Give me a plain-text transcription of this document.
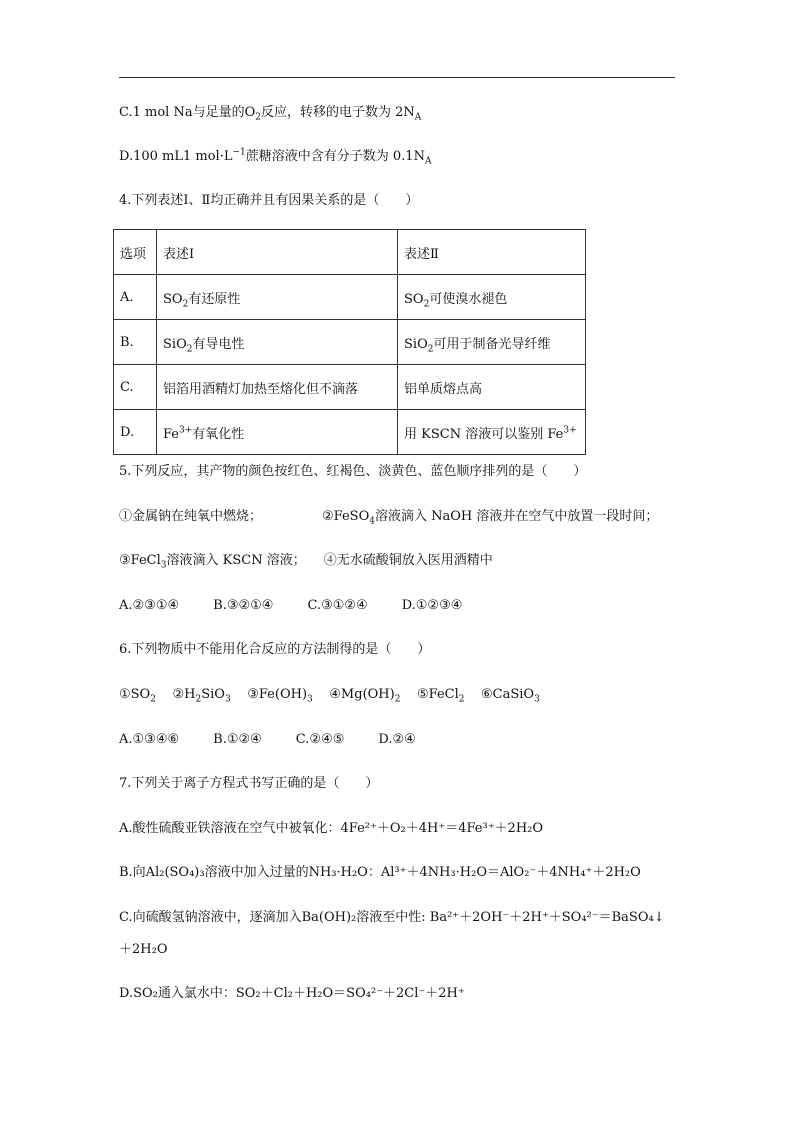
C.1 mol Na与足量的$O_2$反应，转移的电子数为 $2N_A$
D.100 mL1 $mol\cdot L^{-1}$蔗糖溶液中含有分子数为 $0.1N_A$
4.下列表述Ⅰ、Ⅱ均正确并且有因果关系的是（　　）
选项	表述Ⅰ	表述Ⅱ
A.	$SO_2$有还原性	$SO_2$可使溴水褪色
B.	SiO$_2$有导电性	SiO$_2$可用于制备光导纤维
C.	铝箔用酒精灯加热至熔化但不滴落	铝单质熔点高
D.	$Fe^{3+}$有氧化性	用 KSCN 溶液可以鉴别 $Fe^{3+}$
5.下列反应，其产物的颜色按红色、红褐色、淡黄色、蓝色顺序排列的是（　　）
①金属钠在纯氧中燃烧；	②FeSO$_4$溶液滴入 NaOH 溶液并在空气中放置一段时间；
③FeCl$_3$溶液滴入 KSCN 溶液； ④无水硫酸铜放入医用酒精中
A.②③①④	B.③②①④	C.③①②④	D.①②③④
6.下列物质中不能用化合反应的方法制得的是（　　）
$①SO_2$ $②H_2SiO_3$ $③Fe(OH)_3$ $④Mg(OH)_2$ ⑤FeCl$_2$ ⑥CaSiO$_3$
A.①③④⑥	B.①②④	C.②④⑤	D.②④
7.下列关于离子方程式书写正确的是（　　）
A.酸性硫酸亚铁溶液在空气中被氧化：4Fe²⁺＋O₂＋4H⁺＝4Fe³⁺＋2H₂O
B.向Al₂(SO₄)₃溶液中加入过量的NH₃·H₂O：Al³⁺＋4NH₃·H₂O＝AlO₂⁻＋4NH₄⁺＋2H₂O
C.向硫酸氢钠溶液中，逐滴加入Ba(OH)₂溶液至中性: Ba²⁺＋2OH⁻＋2H⁺＋SO₄²⁻＝BaSO₄↓
＋2H₂O
D.SO₂通入氯水中：SO₂＋Cl₂＋H₂O＝SO₄²⁻＋2Cl⁻＋2H⁺
